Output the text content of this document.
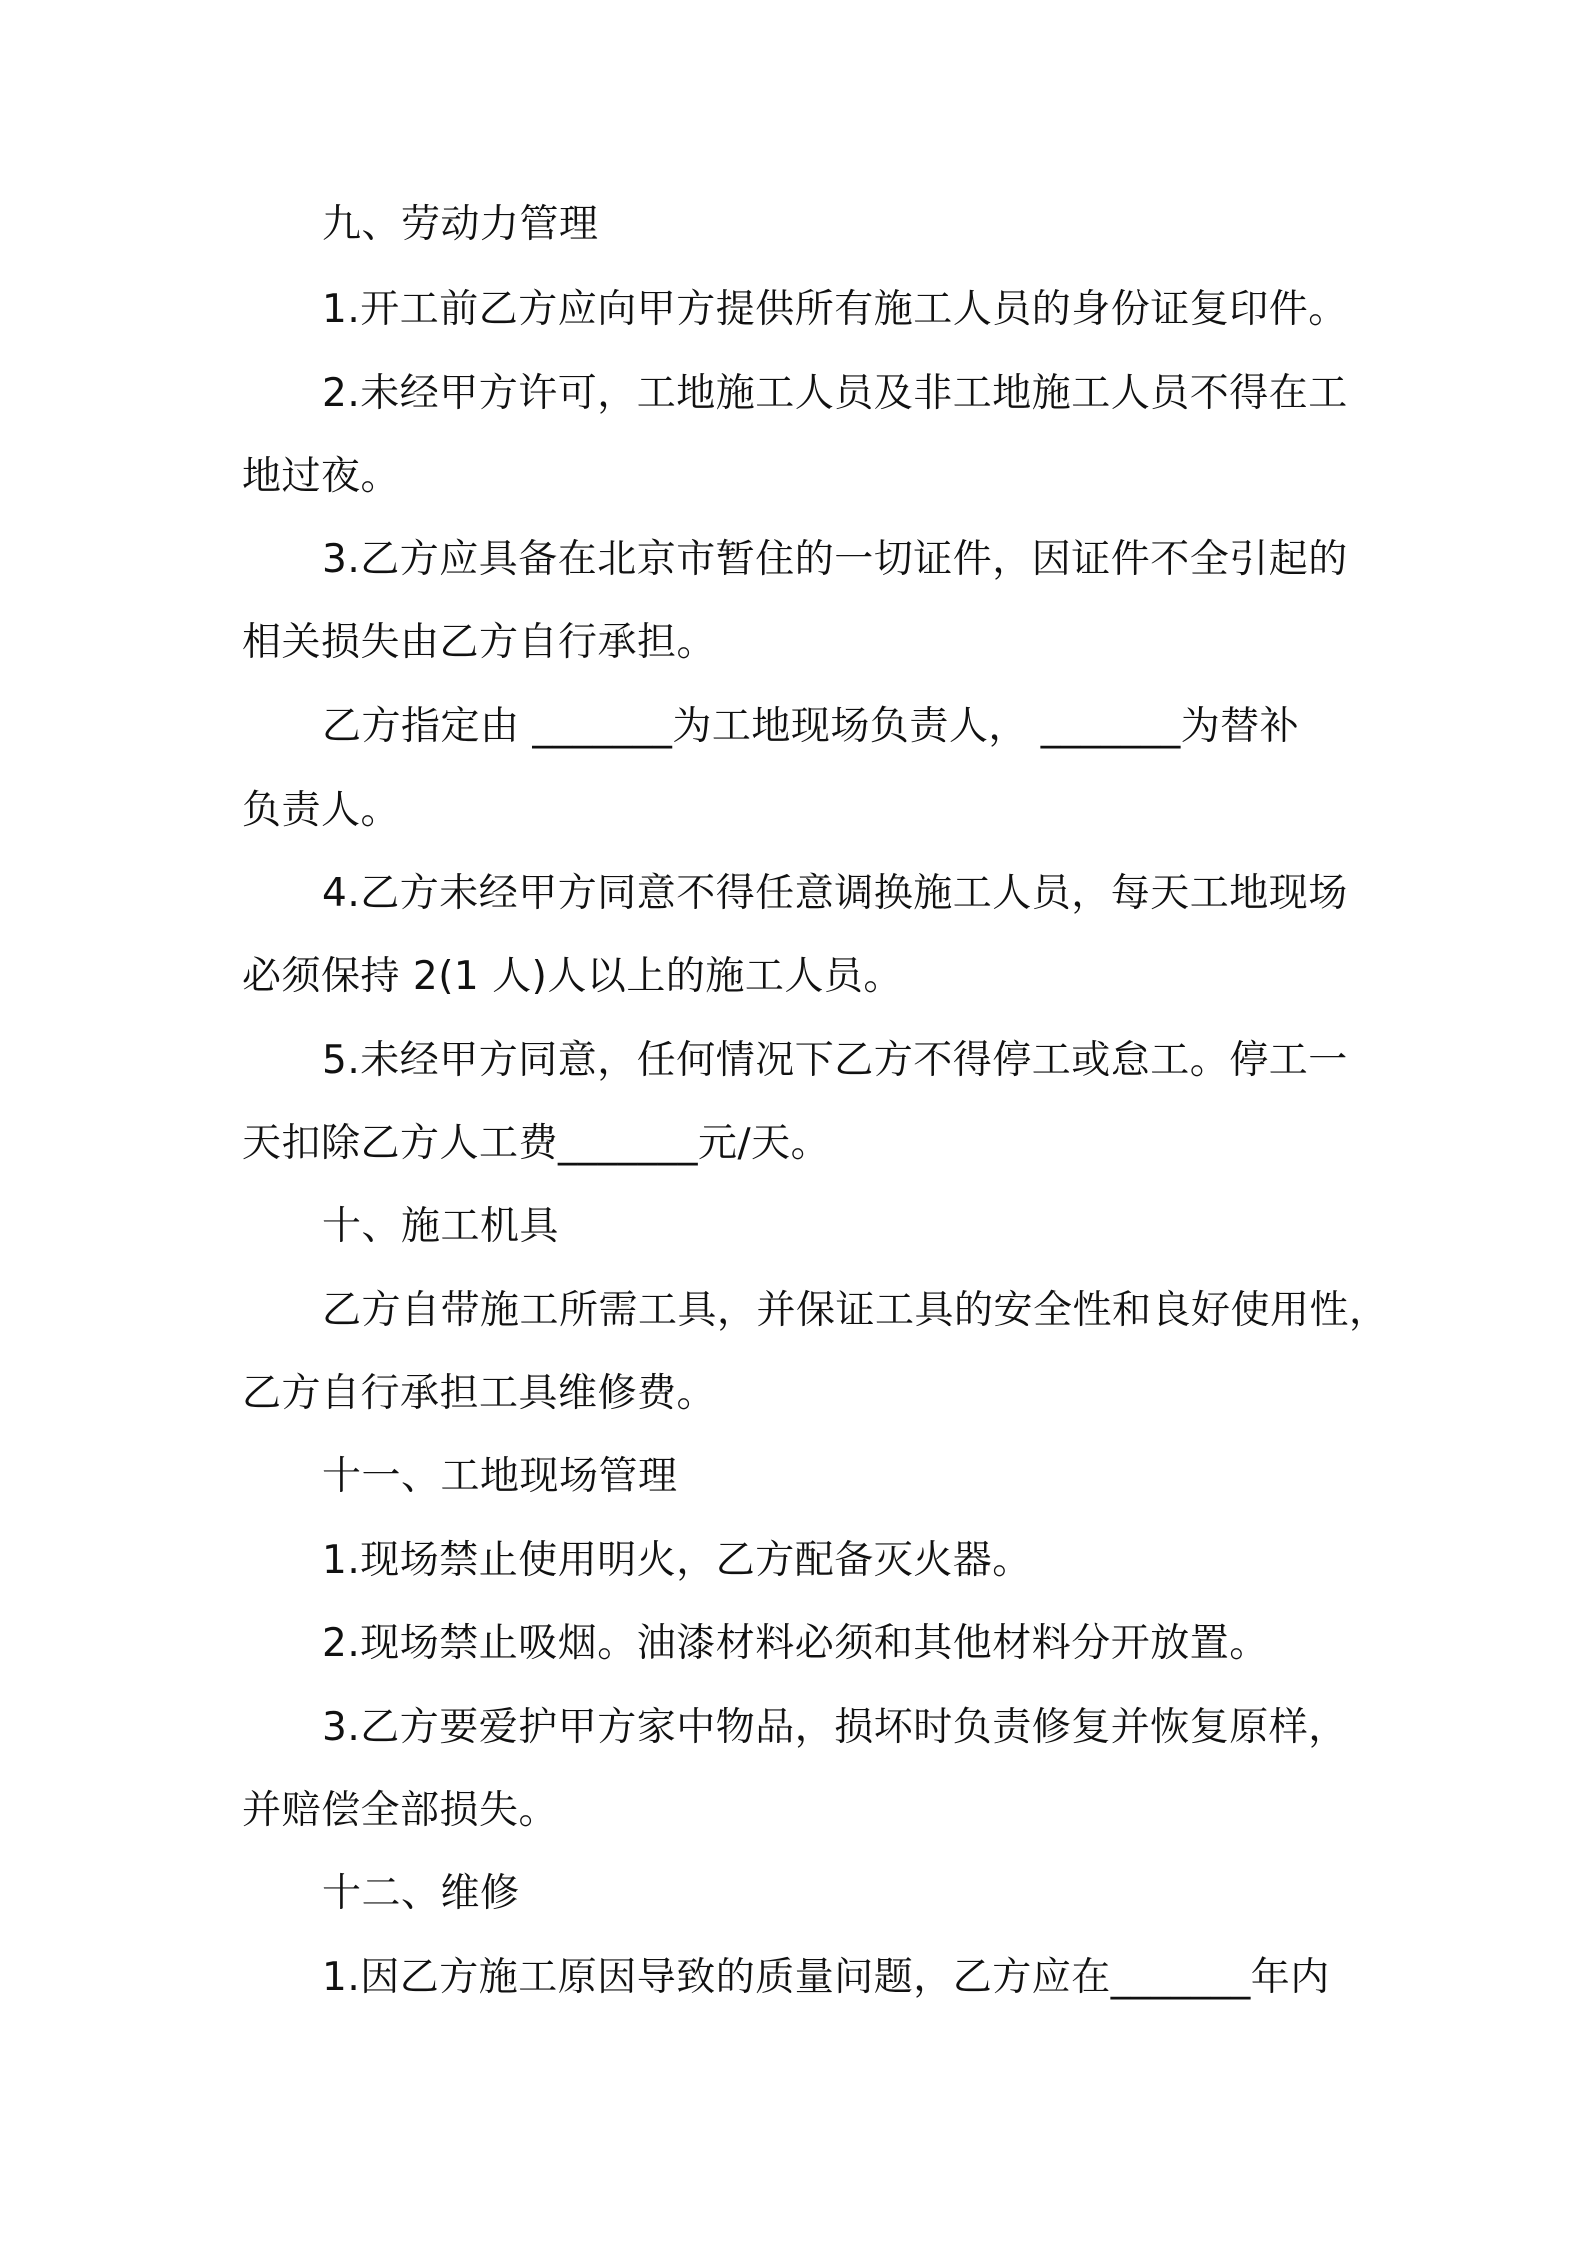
九、劳动力管理

1.开工前乙方应向甲方提供所有施工人员的身份证复印件。

2.未经甲方许可，工地施工人员及非工地施工人员不得在工

地过夜。

3.乙方应具备在北京市暂住的一切证件，因证件不全引起的

相关损失由乙方自行承担。

乙方指定由 _______为工地现场负责人， _______为替补

负责人。

4.乙方未经甲方同意不得任意调换施工人员，每天工地现场

必须保持 2(1 人)人以上的施工人员。

5.未经甲方同意，任何情况下乙方不得停工或怠工。停工一

天扣除乙方人工费_______元/天。

十、施工机具

乙方自带施工所需工具，并保证工具的安全性和良好使用性，

乙方自行承担工具维修费。

十一、工地现场管理

1.现场禁止使用明火，乙方配备灭火器。

2.现场禁止吸烟。油漆材料必须和其他材料分开放置。

3.乙方要爱护甲方家中物品，损坏时负责修复并恢复原样，

并赔偿全部损失。

十二、维修

1.因乙方施工原因导致的质量问题，乙方应在_______年内
